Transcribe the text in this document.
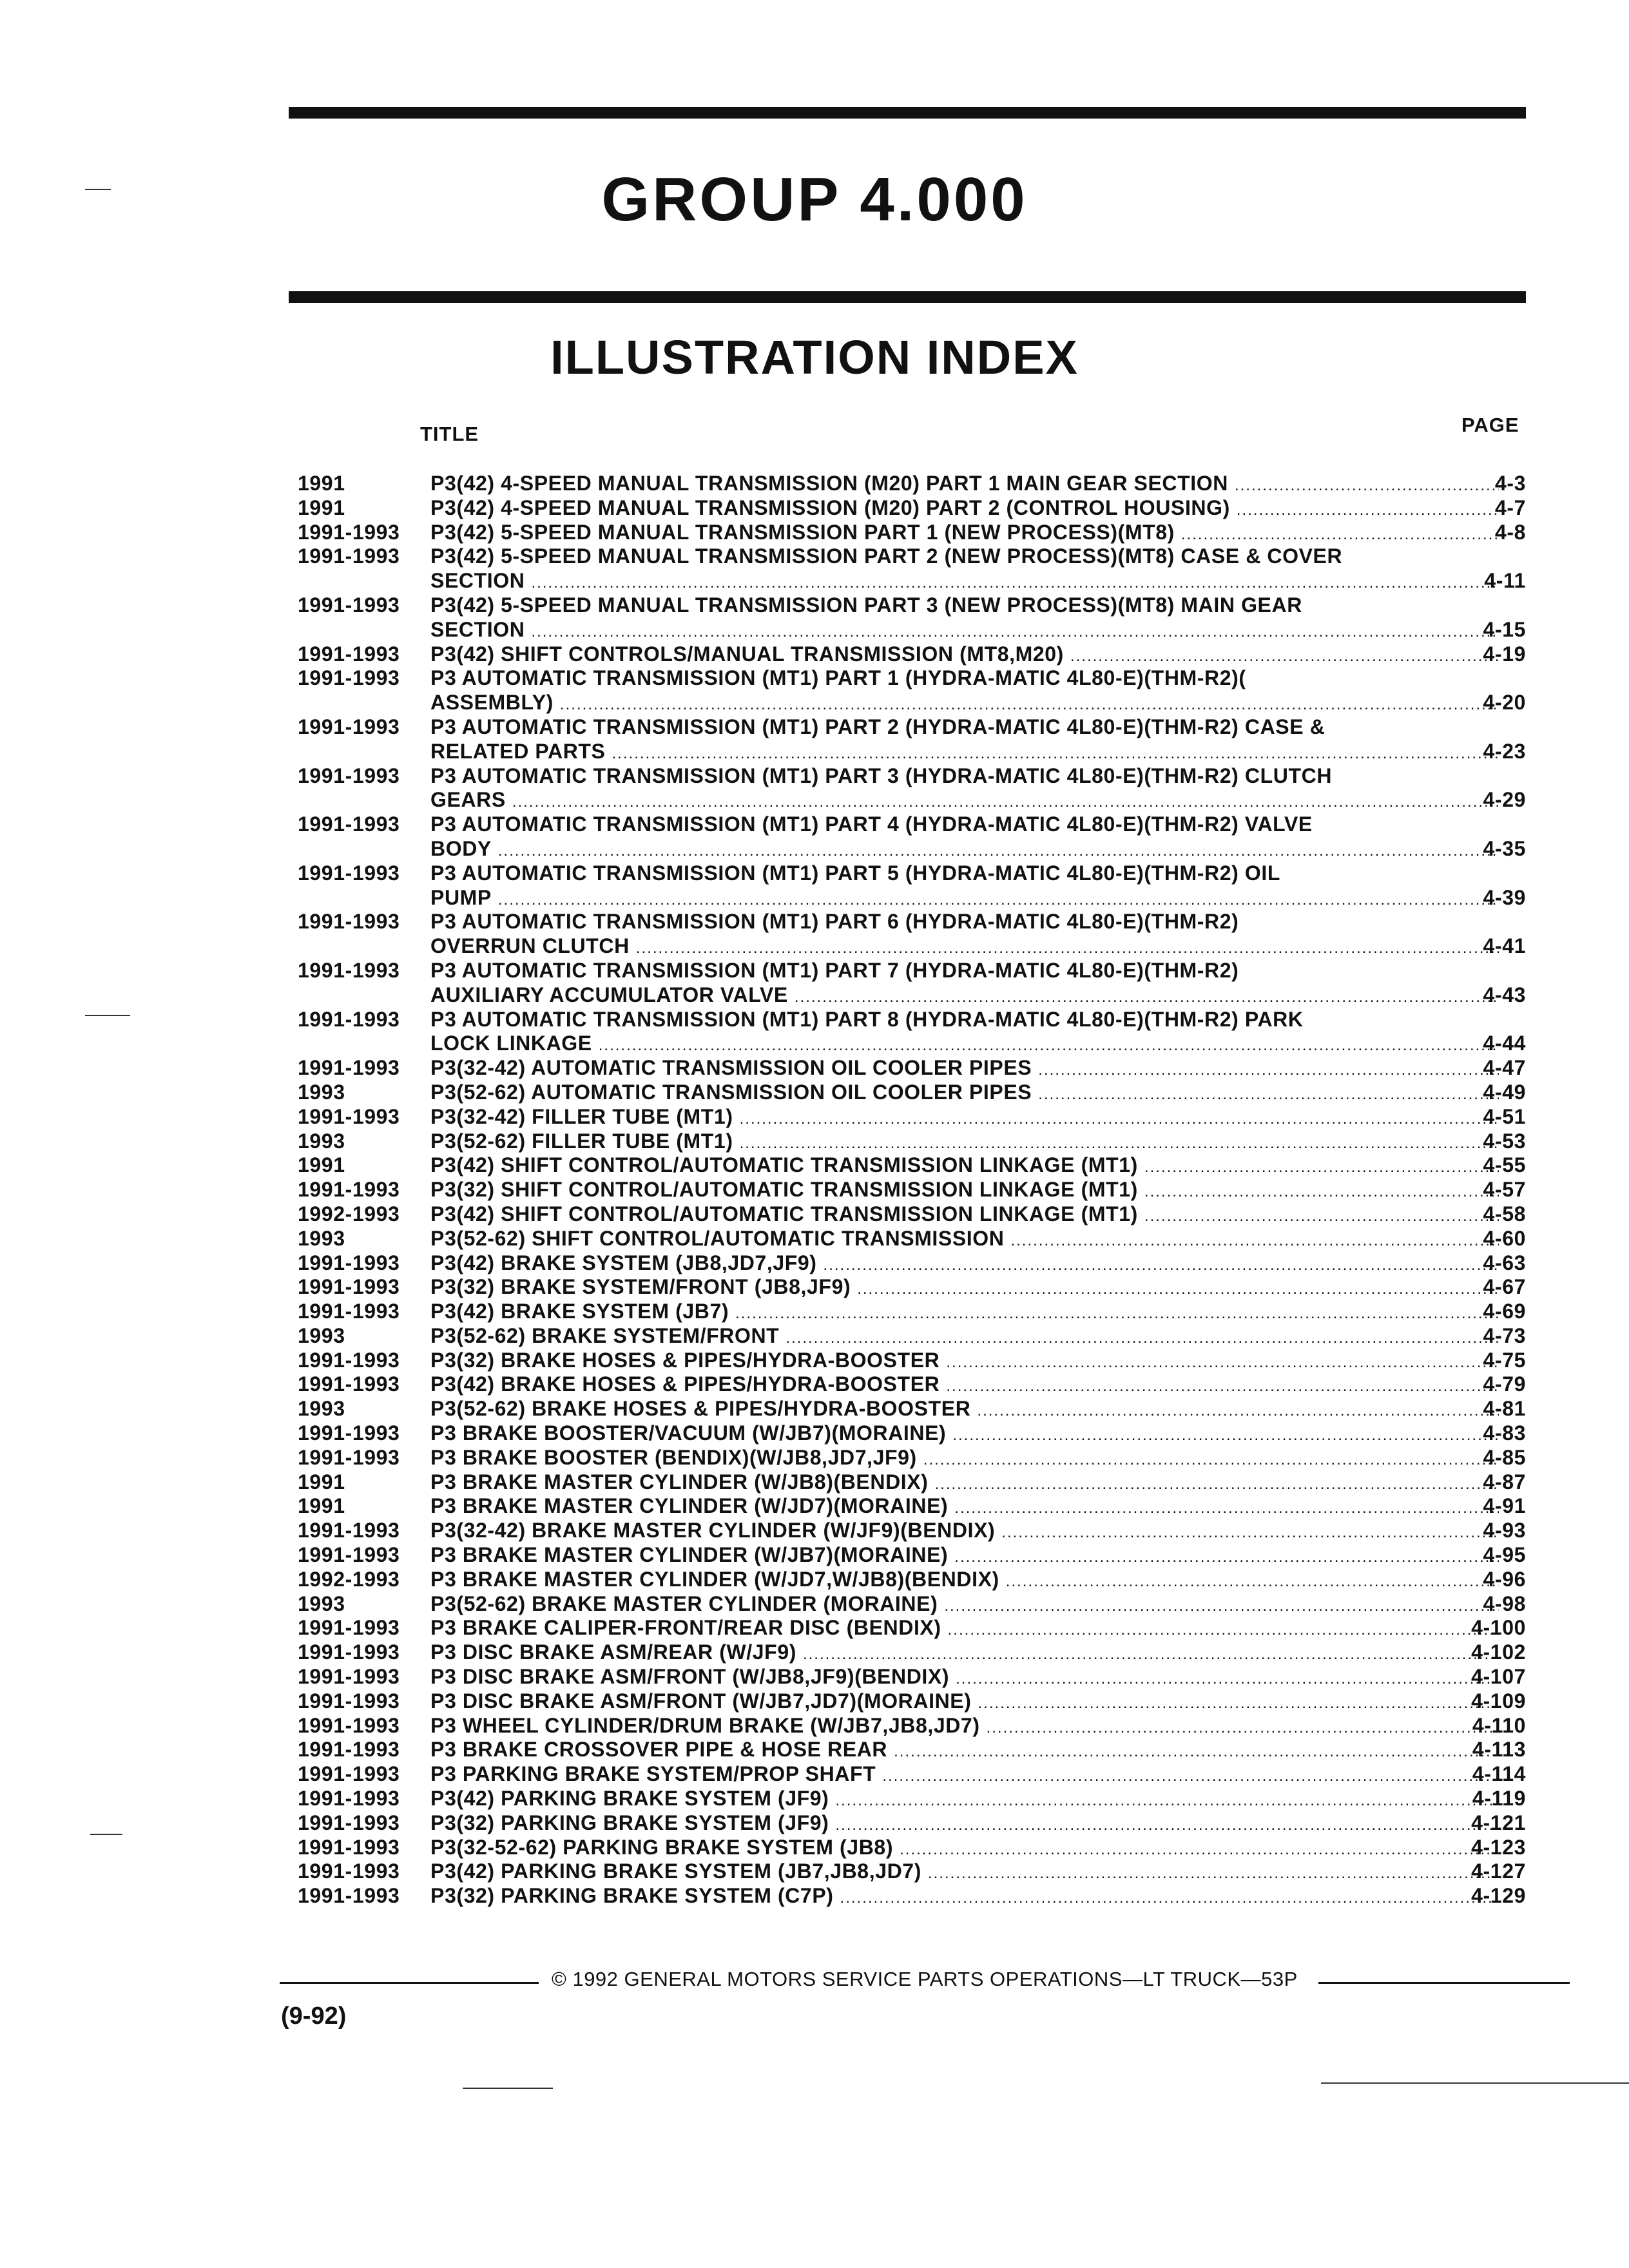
GROUP 4.000
ILLUSTRATION INDEX
TITLE	PAGE
1991	P3(42) 4-SPEED MANUAL TRANSMISSION (M20) PART 1 MAIN GEAR SECTION .....	4-3
1991	P3(42) 4-SPEED MANUAL TRANSMISSION (M20) PART 2 (CONTROL HOUSING) .....	4-7
1991-1993 P3(42) 5-SPEED MANUAL TRANSMISSION PART 1 (NEW PROCESS)(MT8) .....	4-8
1991-1993 P3(42) 5-SPEED MANUAL TRANSMISSION PART 2 (NEW PROCESS)(MT8) CASE & COVER
SECTION .....	4-11
1991-1993 P3(42) 5-SPEED MANUAL TRANSMISSION PART 3 (NEW PROCESS)(MT8) MAIN GEAR
SECTION .....	4-15
1991-1993 P3(42) SHIFT CONTROLS/MANUAL TRANSMISSION (MT8,M20) .....	4-19
1991-1993 P3 AUTOMATIC TRANSMISSION (MT1) PART 1 (HYDRA-MATIC 4L80-E)(THM-R2)(
ASSEMBLY) .....	4-20
1991-1993 P3 AUTOMATIC TRANSMISSION (MT1) PART 2 (HYDRA-MATIC 4L80-E)(THM-R2) CASE &
RELATED PARTS .....	4-23
1991-1993 P3 AUTOMATIC TRANSMISSION (MT1) PART 3 (HYDRA-MATIC 4L80-E)(THM-R2) CLUTCH
GEARS .....	4-29
1991-1993 P3 AUTOMATIC TRANSMISSION (MT1) PART 4 (HYDRA-MATIC 4L80-E)(THM-R2) VALVE
BODY .....	4-35
1991-1993 P3 AUTOMATIC TRANSMISSION (MT1) PART 5 (HYDRA-MATIC 4L80-E)(THM-R2) OIL
PUMP .....	4-39
1991-1993 P3 AUTOMATIC TRANSMISSION (MT1) PART 6 (HYDRA-MATIC 4L80-E)(THM-R2)
OVERRUN CLUTCH .....	4-41
1991-1993 P3 AUTOMATIC TRANSMISSION (MT1) PART 7 (HYDRA-MATIC 4L80-E)(THM-R2)
AUXILIARY ACCUMULATOR VALVE .....	4-43
1991-1993 P3 AUTOMATIC TRANSMISSION (MT1) PART 8 (HYDRA-MATIC 4L80-E)(THM-R2) PARK
LOCK LINKAGE .....	4-44
1991-1993 P3(32-42) AUTOMATIC TRANSMISSION OIL COOLER PIPES .....	4-47
1993	P3(52-62) AUTOMATIC TRANSMISSION OIL COOLER PIPES .....	4-49
1991-1993 P3(32-42) FILLER TUBE (MT1) .....	4-51
1993	P3(52-62) FILLER TUBE (MT1) .....	4-53
1991	P3(42) SHIFT CONTROL/AUTOMATIC TRANSMISSION LINKAGE (MT1) .....	4-55
1991-1993 P3(32) SHIFT CONTROL/AUTOMATIC TRANSMISSION LINKAGE (MT1) .....	4-57
1992-1993 P3(42) SHIFT CONTROL/AUTOMATIC TRANSMISSION LINKAGE (MT1) .....	4-58
1993	P3(52-62) SHIFT CONTROL/AUTOMATIC TRANSMISSION .....	4-60
1991-1993 P3(42) BRAKE SYSTEM (JB8,JD7,JF9) .....	4-63
1991-1993 P3(32) BRAKE SYSTEM/FRONT (JB8,JF9) .....	4-67
1991-1993 P3(42) BRAKE SYSTEM (JB7) .....	4-69
1993	P3(52-62) BRAKE SYSTEM/FRONT .....	4-73
1991-1993 P3(32) BRAKE HOSES & PIPES/HYDRA-BOOSTER .....	4-75
1991-1993 P3(42) BRAKE HOSES & PIPES/HYDRA-BOOSTER .....	4-79
1993	P3(52-62) BRAKE HOSES & PIPES/HYDRA-BOOSTER .....	4-81
1991-1993 P3 BRAKE BOOSTER/VACUUM (W/JB7)(MORAINE) .....	4-83
1991-1993 P3 BRAKE BOOSTER (BENDIX)(W/JB8,JD7,JF9) .....	4-85
1991	P3 BRAKE MASTER CYLINDER (W/JB8)(BENDIX) .....	4-87
1991	P3 BRAKE MASTER CYLINDER (W/JD7)(MORAINE) .....	4-91
1991-1993 P3(32-42) BRAKE MASTER CYLINDER (W/JF9)(BENDIX) .....	4-93
1991-1993 P3 BRAKE MASTER CYLINDER (W/JB7)(MORAINE) .....	4-95
1992-1993 P3 BRAKE MASTER CYLINDER (W/JD7,W/JB8)(BENDIX) .....	4-96
1993	P3(52-62) BRAKE MASTER CYLINDER (MORAINE) .....	4-98
1991-1993 P3 BRAKE CALIPER-FRONT/REAR DISC (BENDIX) .....	4-100
1991-1993 P3 DISC BRAKE ASM/REAR (W/JF9) .....	4-102
1991-1993 P3 DISC BRAKE ASM/FRONT (W/JB8,JF9)(BENDIX) .....	4-107
1991-1993 P3 DISC BRAKE ASM/FRONT (W/JB7,JD7)(MORAINE) .....	4-109
1991-1993 P3 WHEEL CYLINDER/DRUM BRAKE (W/JB7,JB8,JD7) .....	4-110
1991-1993 P3 BRAKE CROSSOVER PIPE & HOSE REAR .....	4-113
1991-1993 P3 PARKING BRAKE SYSTEM/PROP SHAFT .....	4-114
1991-1993 P3(42) PARKING BRAKE SYSTEM (JF9) .....	4-119
1991-1993 P3(32) PARKING BRAKE SYSTEM (JF9) .....	4-121
1991-1993 P3(32-52-62) PARKING BRAKE SYSTEM (JB8) .....	4-123
1991-1993 P3(42) PARKING BRAKE SYSTEM (JB7,JB8,JD7) .....	4-127
1991-1993 P3(32) PARKING BRAKE SYSTEM (C7P) .....	4-129
© 1992 GENERAL MOTORS SERVICE PARTS OPERATIONS—LT TRUCK—53P
(9-92)
